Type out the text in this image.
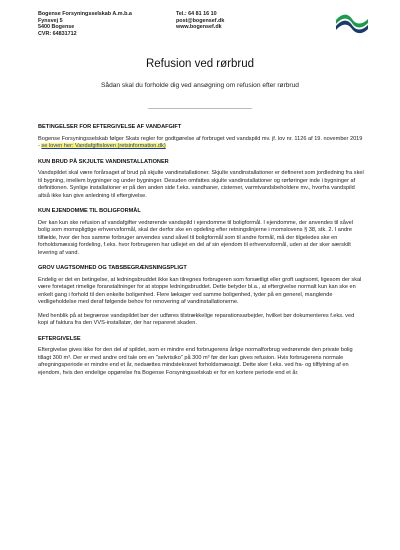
Bogense Forsyningsselskab A.m.b.a
Fynsvej 5
5400 Bogense
CVR: 64831712
Tel.: 64 81 16 10
post@bogensef.dk
www.bogensef.dk
Refusion ved rørbrud
Sådan skal du forholde dig ved ansøgning om refusion efter rørbrud
BETINGELSER FOR EFTERGIVELSE AF VANDAFGIFT

Bogense Forsyningsselskab følger Skats regler for godtgørelse af forbruget ved vandspild mv. jf. lov nr. 1126 af 19. november 2019 - se loven her: Vandafgiftsloven (retsinformation.dk)

KUN BRUD PÅ SKJULTE VANDINSTALLATIONER

Vandspildet skal være forårsaget af brud på skjulte vandinstallationer. Skjulte vandinstallationer er defineret som jordledning fra skel til bygning, imellem bygninger og under bygninger. Desuden omfattes skjulte vandinstallationer og rørføringer inde i bygninger af definitionen. Synlige installationer er på den anden side f.eks. vandhaner, cisterner, varmtvandsbeholdere mv., hvorfra vandspild altså ikke kan give anledning til eftergivelse.

KUN EJENDOMME TIL BOLIGFORMÅL

Der kan kun ske refusion af vandafgifter vedrørende vandspild i ejendomme til boligformål. I ejendomme, der anvendes til såvel bolig som momspligtige erhvervsformål, skal der derfor ske en opdeling efter retningslinjerne i momslovens § 38, stk. 2. I andre tilfælde, hvor der hos samme forbruger anvendes vand såvel til boligformål som til andre formål, må der tilgeledes ske en forholdsmæssig fordeling, f.eks. hvor forbrugeren har udlejet en del af sin ejendom til erhvervsformål, uden at der sker særskilt levering af vand.

GROV UAGTSOMHED OG TABSBEGRÆNSNINGSPLIGT

Endelig er det en betingelse, at ledningsbruddet ikke kan tilregnes forbrugeren som forsætligt eller groft uagtsomt, ligesom der skal være foretaget rimelige foranstaltninger for at stoppe ledningsbruddet. Dette betyder bl.a., at eftergivelse normalt kun kan ske en enkelt gang i forhold til den enkelte boligenhed. Flere lækager ved samme boligenhed, tyder på en generel, manglende vedligeholdelse med deraf følgende behov for renovering af vandinstallationerne.

Med henblik på at begrænse vandspildet bør der udføres tilstrækkelige reparationsarbejder, hvilket bør dokumenteres f.eks. ved kopi af faktura fra den VVS-installatør, der har repareret skaden.

EFTERGIVELSE

Eftergivelse gives ikke for den del af spildet, som er mindre end forbrugerens årlige normalforbrug vedrørende den private bolig tillagt 300 m³. Der er med andre ord tale om en "selvrisiko" på 300 m³ før der kan gives refusion. Hvis forbrugerens normale afregningsperiode er mindre end et år, nedsættes mindstekravet forholdsmæssigt. Dette sker f.eks. ved fra- og tilflytning af en ejendom, hvis den endelige opgørelse fra Bogense Forsyningsselskab er for en kortere periode end et år.
